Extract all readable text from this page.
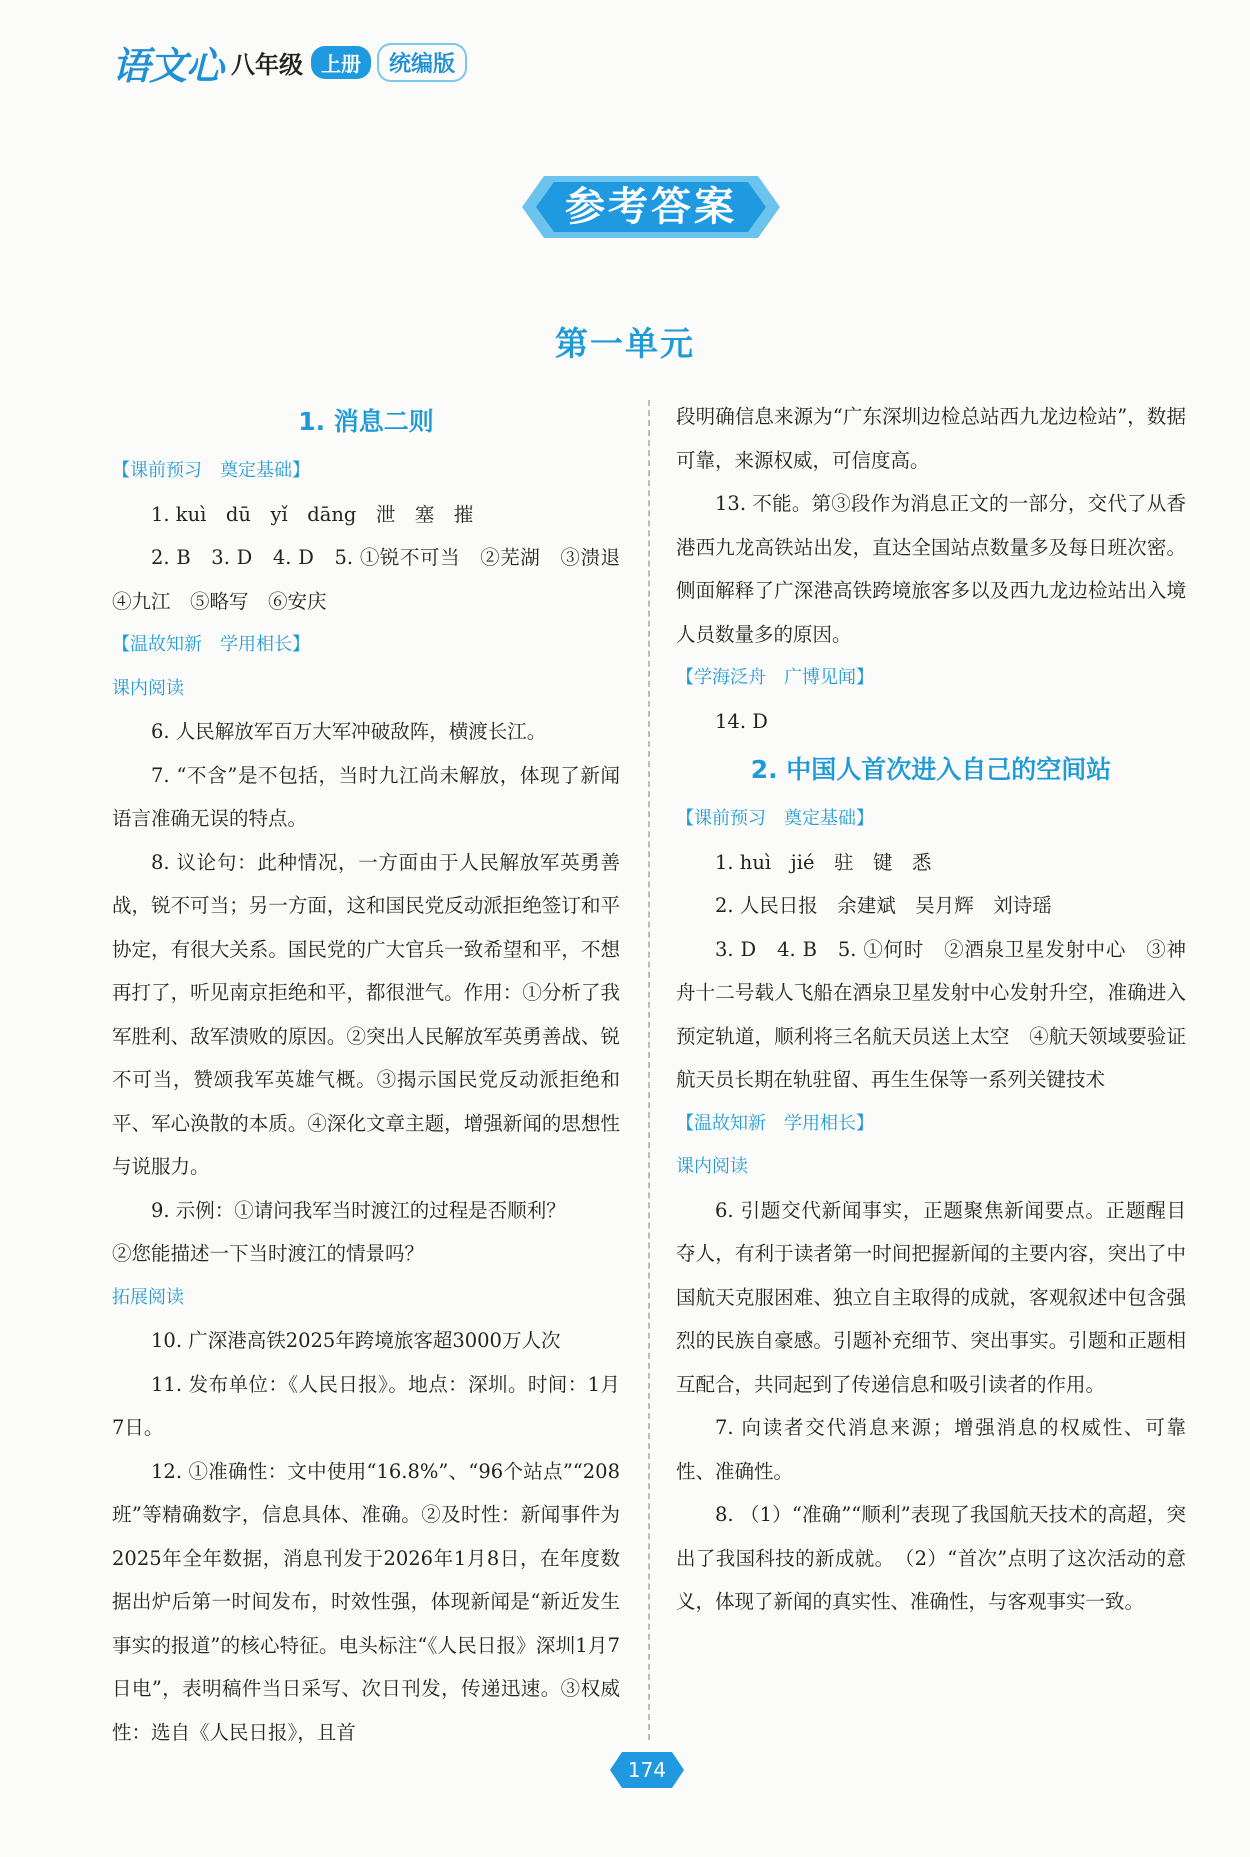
语文心 八年级 上册	统编版
参考答案
第一单元
1. 消息二则
【课前预习　奠定基础】

1. kuì　dū　yǐ　dāng　泄　塞　摧

2. B　3. D　4. D　5. ①锐不可当　②芜湖　③溃退　④九江　⑤略写　⑥安庆

【温故知新　学用相长】
课内阅读

6. 人民解放军百万大军冲破敌阵，横渡长江。

7. “不含”是不包括，当时九江尚未解放，体现了新闻语言准确无误的特点。

8. 议论句：此种情况，一方面由于人民解放军英勇善战，锐不可当；另一方面，这和国民党反动派拒绝签订和平协定，有很大关系。国民党的广大官兵一致希望和平，不想再打了，听见南京拒绝和平，都很泄气。作用：①分析了我军胜利、敌军溃败的原因。②突出人民解放军英勇善战、锐不可当，赞颂我军英雄气概。③揭示国民党反动派拒绝和平、军心涣散的本质。④深化文章主题，增强新闻的思想性与说服力。

9. 示例：①请问我军当时渡江的过程是否顺利？

②您能描述一下当时渡江的情景吗？

拓展阅读

10. 广深港高铁2025年跨境旅客超3000万人次

11. 发布单位：《人民日报》。地点：深圳。时间：1月7日。

12. ①准确性：文中使用“16.8%”、“96个站点”“208班”等精确数字，信息具体、准确。②及时性：新闻事件为2025年全年数据，消息刊发于2026年1月8日，在年度数据出炉后第一时间发布，时效性强，体现新闻是“新近发生事实的报道”的核心特征。电头标注“《人民日报》深圳1月7日电”，表明稿件当日采写、次日刊发，传递迅速。③权威性：选自《人民日报》，且首

段明确信息来源为“广东深圳边检总站西九龙边检站”，数据可靠，来源权威，可信度高。

13. 不能。第③段作为消息正文的一部分，交代了从香港西九龙高铁站出发，直达全国站点数量多及每日班次密。侧面解释了广深港高铁跨境旅客多以及西九龙边检站出入境人员数量多的原因。

【学海泛舟　广博见闻】

14. D

2. 中国人首次进入自己的空间站
【课前预习　奠定基础】

1. huì　jié　驻　键　悉

2. 人民日报　余建斌　吴月辉　刘诗瑶

3. D　4. B　5. ①何时　②酒泉卫星发射中心　③神舟十二号载人飞船在酒泉卫星发射中心发射升空，准确进入预定轨道，顺利将三名航天员送上太空　④航天领域要验证航天员长期在轨驻留、再生生保等一系列关键技术

【温故知新　学用相长】
课内阅读

6. 引题交代新闻事实，正题聚焦新闻要点。正题醒目夺人，有利于读者第一时间把握新闻的主要内容，突出了中国航天克服困难、独立自主取得的成就，客观叙述中包含强烈的民族自豪感。引题补充细节、突出事实。引题和正题相互配合，共同起到了传递信息和吸引读者的作用。

7. 向读者交代消息来源；增强消息的权威性、可靠性、准确性。

8. （1）“准确”“顺利”表现了我国航天技术的高超，突出了我国科技的新成就。　（2）“首次”点明了这次活动的意义，体现了新闻的真实性、准确性，与客观事实一致。

174
